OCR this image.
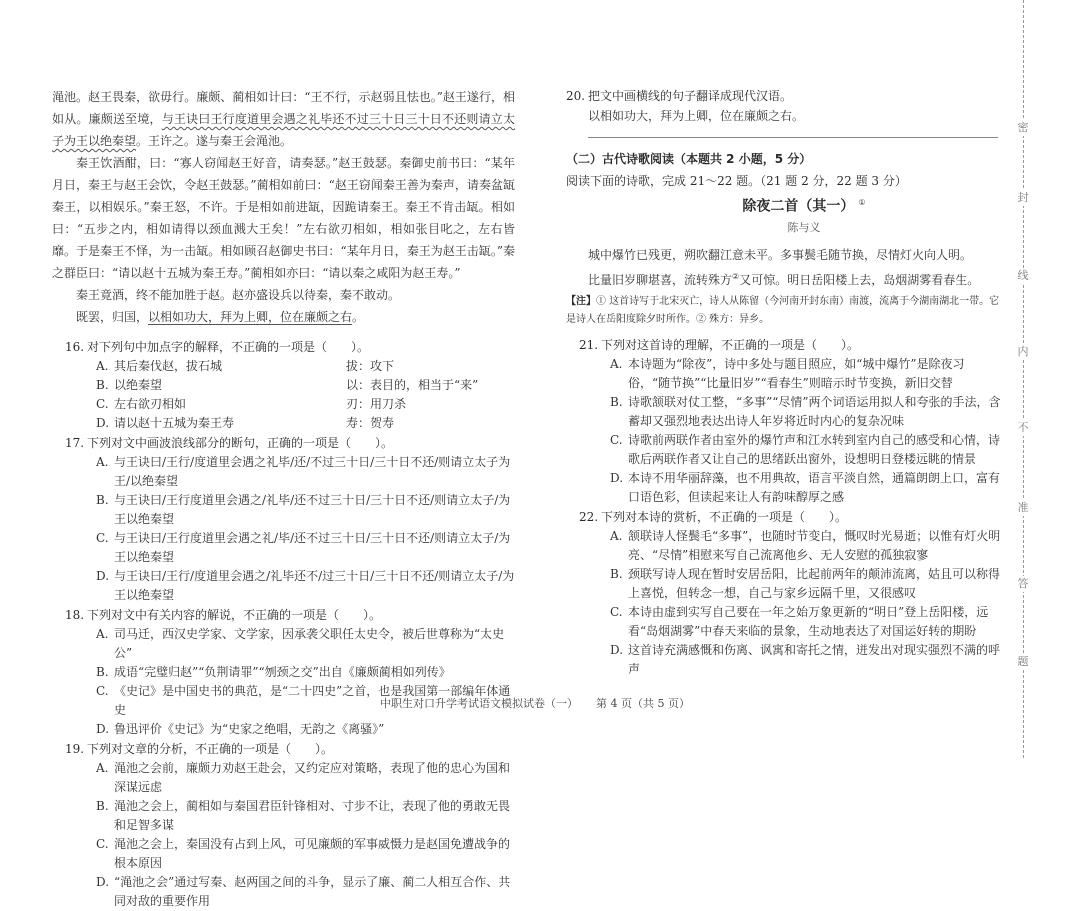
密
封
线
内
不
准
答
题

渑池。赵王畏秦，欲毋行。廉颇、蔺相如计曰：“王不行，示赵弱且怯也。”赵王遂行，相如从。廉颇送至境，与王诀曰王行度道里会遇之礼毕还不过三十日三十日不还则请立太子为王以绝秦望。王许之。遂与秦王会渑池。

秦王饮酒酣，曰：“寡人窃闻赵王好音，请奏瑟。”赵王鼓瑟。秦御史前书曰：“某年月日，秦王与赵王会饮，令赵王鼓瑟。”蔺相如前曰：“赵王窃闻秦王善为秦声，请奏盆缻秦王，以相娱乐。”秦王怒，不许。于是相如前进缻，因跪请秦王。秦王不肯击缻。相如曰：“五步之内，相如请得以颈血溅大王矣！”左右欲刃相如，相如张目叱之，左右皆靡。于是秦王不怿，为一击缻。相如顾召赵御史书曰：“某年月日，秦王为赵王击缻。”秦之群臣曰：“请以赵十五城为秦王寿。”蔺相如亦曰：“请以秦之咸阳为赵王寿。”

秦王竟酒，终不能加胜于赵。赵亦盛设兵以待秦，秦不敢动。

既罢，归国，以相如功大，拜为上卿，位在廉颇之右。

16. 对下列句中加点字的解释，不正确的一项是（　　）。
A. 其后秦伐赵，拔石城	拔：攻下
B. 以绝秦望	以：表目的，相当于“来”
C. 左右欲刃相如	刃：用刀杀
D. 请以赵十五城为秦王寿	寿：贺寿
17. 下列对文中画波浪线部分的断句，正确的一项是（　　）。
A. 与王诀曰/王行/度道里会遇之礼毕/还/不过三十日/三十日不还/则请立太子为王/以绝秦望
B. 与王诀曰/王行度道里会遇之/礼毕/还不过三十日/三十日不还/则请立太子/为王以绝秦望
C. 与王诀曰/王行度道里会遇之礼/毕/还不过三十日/三十日不还/则请立太子/为王以绝秦望
D. 与王诀曰/王行/度道里会遇之/礼毕还不/过三十日/三十日不还/则请立太子/为王以绝秦望
18. 下列对文中有关内容的解说，不正确的一项是（　　）。
A. 司马迁，西汉史学家、文学家，因承袭父职任太史令，被后世尊称为“太史公”
B. 成语“完璧归赵”“负荆请罪”“刎颈之交”出自《廉颇蔺相如列传》
C. 《史记》是中国史书的典范，是“二十四史”之首，也是我国第一部编年体通史
D. 鲁迅评价《史记》为“史家之绝唱，无韵之《离骚》”
19. 下列对文章的分析，不正确的一项是（　　）。
A. 渑池之会前，廉颇力劝赵王赴会，又约定应对策略，表现了他的忠心为国和深谋远虑
B. 渑池之会上，蔺相如与秦国君臣针锋相对、寸步不让，表现了他的勇敢无畏和足智多谋
C. 渑池之会上，秦国没有占到上风，可见廉颇的军事威慑力是赵国免遭战争的根本原因
D. “渑池之会”通过写秦、赵两国之间的斗争，显示了廉、蔺二人相互合作、共同对敌的重要作用
20. 把文中画横线的句子翻译成现代汉语。
以相如功大，拜为上卿，位在廉颇之右。
（二）古代诗歌阅读（本题共 2 小题，5 分）
阅读下面的诗歌，完成 21～22 题。（21 题 2 分，22 题 3 分）
除夜二首（其一） ①
陈与义
城中爆竹已残更，朔吹翻江意未平。多事鬓毛随节换，尽情灯火向人明。
比量旧岁聊堪喜，流转殊方②又可惊。明日岳阳楼上去，岛烟湖雾看春生。
【注】① 这首诗写于北宋灭亡，诗人从陈留（今河南开封东南）南渡，流离于今湖南湖北一带。它是诗人在岳阳度除夕时所作。② 殊方：异乡。
21. 下列对这首诗的理解，不正确的一项是（　　）。
A. 本诗题为“除夜”，诗中多处与题目照应，如“城中爆竹”是除夜习俗，“随节换”“比量旧岁”“看春生”则暗示时节变换，新旧交替
B. 诗歌颔联对仗工整，“多事”“尽情”两个词语运用拟人和夸张的手法，含蓄却又强烈地表达出诗人年岁将近时内心的复杂况味
C. 诗歌前两联作者由室外的爆竹声和江水转到室内自己的感受和心情，诗歌后两联作者又让自己的思绪跃出窗外，设想明日登楼远眺的情景
D. 本诗不用华丽辞藻，也不用典故，语言平淡自然，通篇朗朗上口，富有口语色彩，但读起来让人有韵味醇厚之感
22. 下列对本诗的赏析，不正确的一项是（　　）。
A. 颔联诗人怪鬓毛“多事”，也随时节变白，慨叹时光易逝；以惟有灯火明亮、“尽情”相慰来写自己流离他乡、无人安慰的孤独寂寥
B. 颈联写诗人现在暂时安居岳阳，比起前两年的颠沛流离，姑且可以称得上喜悦，但转念一想，自己与家乡远隔千里，又很感叹
C. 本诗由虚到实写自己要在一年之始万象更新的“明日”登上岳阳楼，远看“岛烟湖雾”中春天来临的景象，生动地表达了对国运好转的期盼
D. 这首诗充满感慨和伤离、讽寓和寄托之情，迸发出对现实强烈不满的呼声
中职生对口升学考试语文模拟试卷（一） 第 4 页（共 5 页）
